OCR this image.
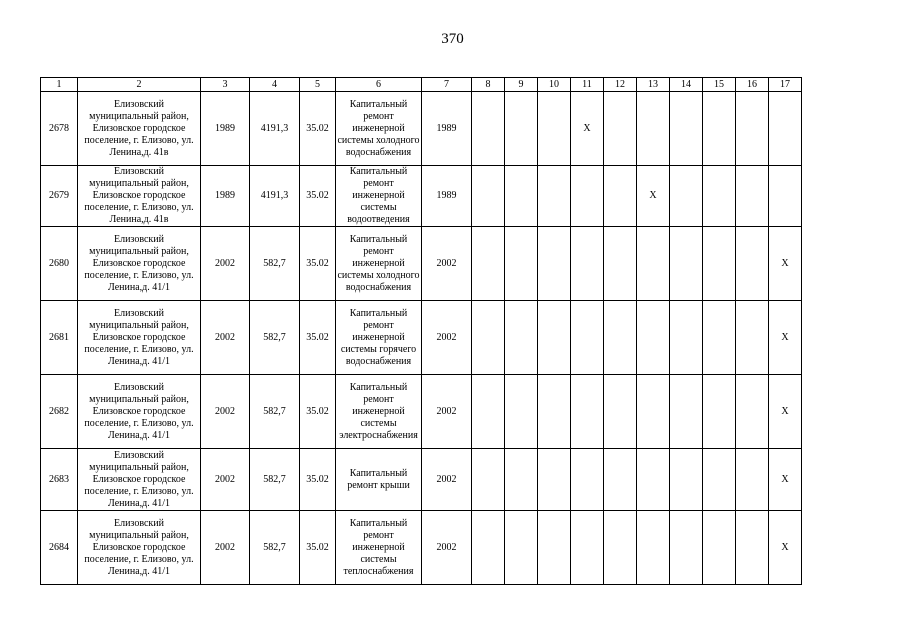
370
1	2	3	4	5	6	7	8	9	10	11	12	13	14	15	16	17
2678	Елизовский муниципальный район, Елизовское городское поселение, г. Елизово, ул. Ленина,д. 41в	1989	4191,3	35.02	Капитальный ремонт инженерной системы холодного водоснабжения	1989				X						
2679	Елизовский муниципальный район, Елизовское городское поселение, г. Елизово, ул. Ленина,д. 41в	1989	4191,3	35.02	Капитальный ремонт инженерной системы водоотведения	1989						X				
2680	Елизовский муниципальный район, Елизовское городское поселение, г. Елизово, ул. Ленина,д. 41/1	2002	582,7	35.02	Капитальный ремонт инженерной системы холодного водоснабжения	2002										X
2681	Елизовский муниципальный район, Елизовское городское поселение, г. Елизово, ул. Ленина,д. 41/1	2002	582,7	35.02	Капитальный ремонт инженерной системы горячего водоснабжения	2002										X
2682	Елизовский муниципальный район, Елизовское городское поселение, г. Елизово, ул. Ленина,д. 41/1	2002	582,7	35.02	Капитальный ремонт инженерной системы электроснабжения	2002										X
2683	Елизовский муниципальный район, Елизовское городское поселение, г. Елизово, ул. Ленина,д. 41/1	2002	582,7	35.02	Капитальный ремонт крыши	2002										X
2684	Елизовский муниципальный район, Елизовское городское поселение, г. Елизово, ул. Ленина,д. 41/1	2002	582,7	35.02	Капитальный ремонт инженерной системы теплоснабжения	2002										X
